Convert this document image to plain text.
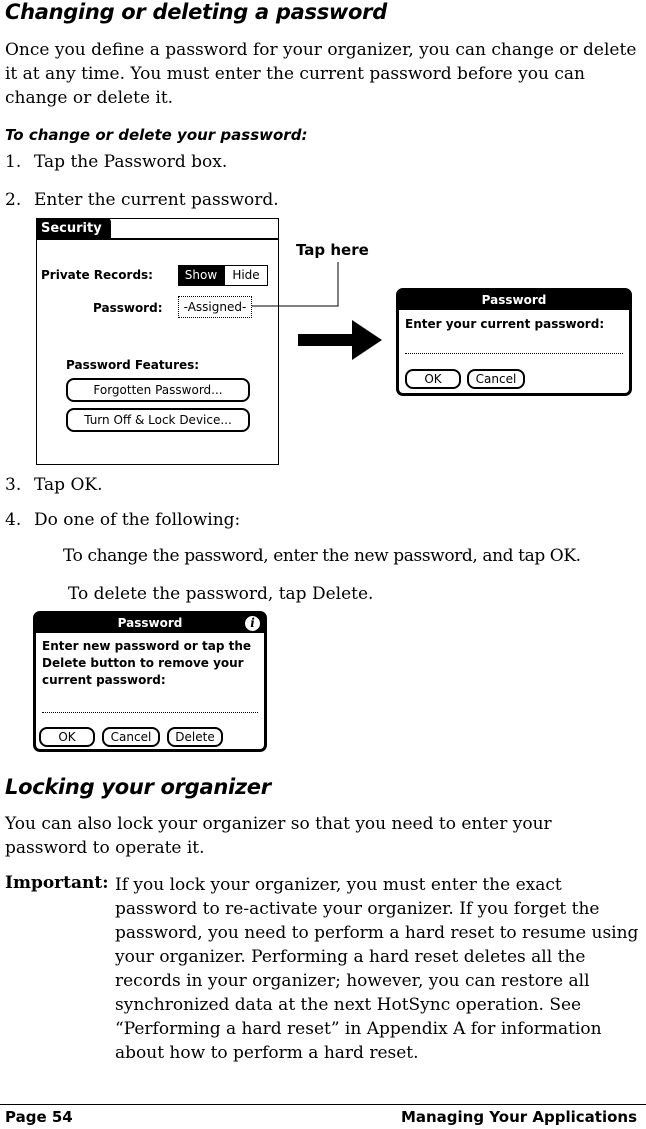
Changing or deleting a password
Once you define a password for your organizer, you can change or delete it at any time. You must enter the current password before you can change or delete it.
To change or delete your password:
1. Tap the Password box.
2. Enter the current password.
Security
Private Records:	Show	Hide
Password:	-Assigned-
Password Features:
Forgotten Password...
Turn Off & Lock Device...
Tap here
Password
Enter your current password:
OK	Cancel
3. Tap OK.
4. Do one of the following:
To change the password, enter the new password, and tap OK.
To delete the password, tap Delete.
Password	i
Enter new password or tap the Delete button to remove your current password:
OK	Cancel	Delete
Locking your organizer
You can also lock your organizer so that you need to enter your password to operate it.
Important: If you lock your organizer, you must enter the exact password to re-activate your organizer. If you forget the password, you need to perform a hard reset to resume using your organizer. Performing a hard reset deletes all the records in your organizer; however, you can restore all synchronized data at the next HotSync operation. See “Performing a hard reset” in Appendix A for information about how to perform a hard reset.
Page 54	Managing Your Applications
